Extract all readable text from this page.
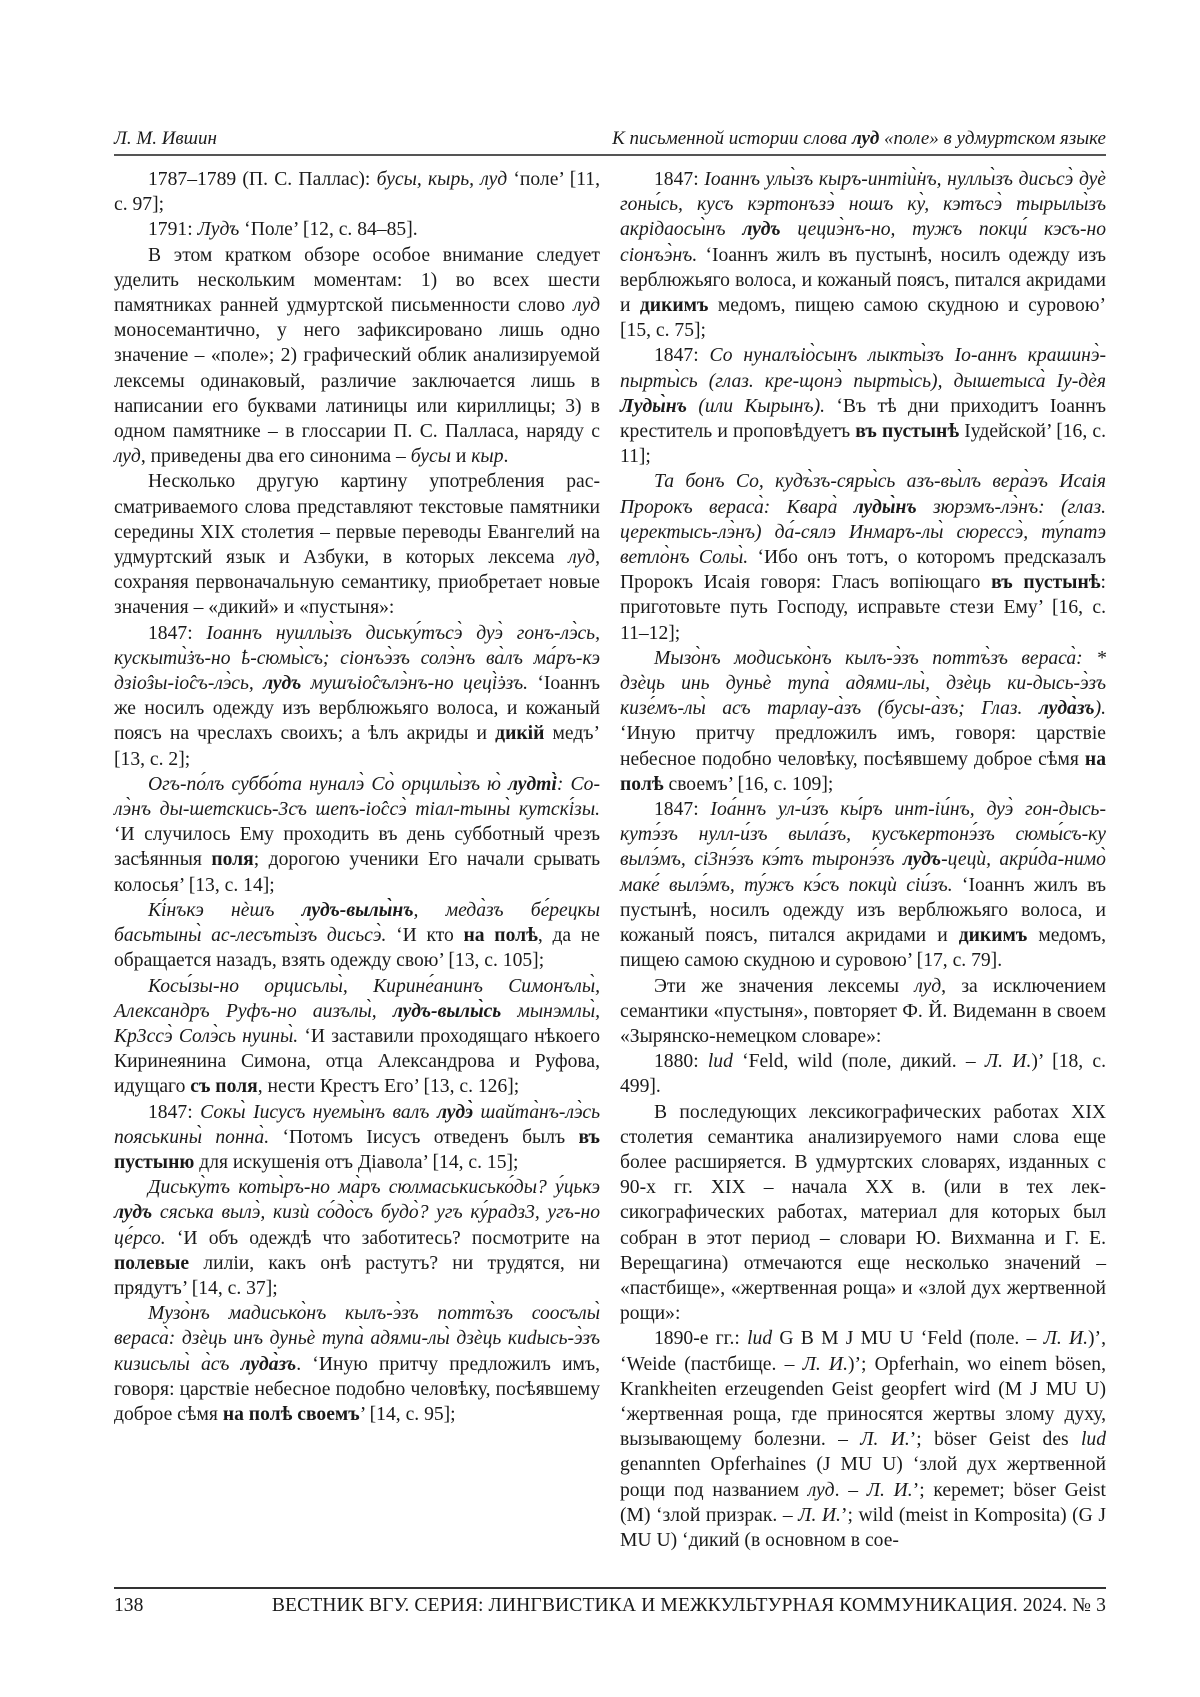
Л. М. Ившин	К письменной истории слова луд «поле» в удмуртском языке

1787–1789 (П. С. Паллас): бусы, кырь, луд ‘поле’ [11, с. 97];

1791: Лудъ ‘Поле’ [12, с. 84–85].

В этом кратком обзоре особое внимание следует уделить нескольким моментам: 1) во всех шести памятниках ранней удмуртской письменности слово луд моносемантично, у него зафиксировано лишь одно значение – «поле»; 2) графический облик анализируемой лексемы одинаковый, различие заключается лишь в написании его буквами латиницы или кириллицы; 3) в одном памятнике – в глоссарии П. С. Палласа, наряду с луд, приведены два его синонима – бусы и кыр.

Несколько другую картину употребления рассматриваемого слова представляют текстовые памятники середины XIX столетия – первые переводы Евангелий на удмуртский язык и Азбуки, в которых лексема луд, сохраняя первоначальную семантику, приобретает новые значения – «дикий» и «пустыня»:

1847: Іоаннъ нуиллы̀зъ диську́тъсэ̀ дуэ̀ гонъ-лэ̀сь, кускыти̇̀зъ-но ҍ-сюмы̀съ; сіонъэ̀зъ солэ̀нъ ва̀лъ ма́ръ-кэ дзіо̂зы-іо̂съ-лэ̀сь, лудъ мушъіо̂сълэ̀нъ-но цеці̇̀эзъ. ‘Іоаннъ же носилъ одежду изъ верблюжьяго волоса, и кожаный поясъ на чреслахъ своихъ; а ѣлъ акриды и дикій медъ’ [13, с. 2];

Огъ-по́лъ суббо́та нуналэ̀ Со̀ орцилы̀зъ ю̀ лудті̀: Со-лэ̀нъ ды-шетскись-3съ шепъ-іо̂ссэ̀ тіал-тыны̀ кутскі́зы. ‘И случилось Ему проходить въ день субботный чрезъ засѣянныя поля; дорогою ученики Его начали срывать колосья’ [13, с. 14];

Кі́нъкэ нѐшъ лудъ-вылы̀нъ, меда̀зъ бе́рецкы басьтыны̀ ас-лесъты̀зъ дисьсэ̀. ‘И кто на полѣ, да не обращается назадъ, взять одежду свою’ [13, с. 105];

Косы́зы-но орцисьлы̀, Кирине́анинъ Симонълы̀, Александръ Руфъ-но аизълы̀, лудъ-вылы̀сь мынэмлы̀, Кр3ссэ̀ Солэ̀сь нуины̀. ‘И заставили проходящаго нѣкоего Киринеянина Симона, отца Александрова и Руфова, идущаго съ поля, нести Крестъ Его’ [13, с. 126];

1847: Сокы̀ Іисусъ нуемы̀нъ валъ лудэ̀ шайта̀нъ-лэ̀сь пояськины̀ понна̀. ‘Потомъ Іисусъ отведенъ былъ въ пустыню для искушенія отъ Діавола’ [14, с. 15];

Диську̀тъ коты̀ръ-но ма̀ръ сюлмаськисько́ды? у́цькэ лудъ сяська вылэ̀, кизѝ со́до̀съ будо̀? угъ ку́радз3, угъ-но це́рсо. ‘И объ одеждѣ что заботитесь? посмотрите на полевые лиліи, какъ онѣ растутъ? ни трудятся, ни прядутъ’ [14, с. 37];

Музо̀нъ мадисько̀нъ кылъ-э̀зъ поттъ̀зъ соосълы̀ вераса̀: дзѐць инъ дуньѐ тупа̀ адями-лы̀ дзѐць киdысь-э̀зъ кизисьлы̀ а̀съ луда̀зъ. ‘Иную притчу предложилъ имъ, говоря: царствіе небесное подобно человѣку, посѣявшему доброе сѣмя на полѣ своемъ’ [14, с. 95];

1847: Іоаннъ улы̀зъ кыръ-интіи̇̀нъ, нуллы̀зъ дисьсэ̀ дуѐ гоны́сь, кусъ кэртонъзэ̀ ношъ ку̀, кэтъсэ̀ тырылы̀зъ акрідаосы̀нъ лудъ цециэ̀нъ-но, тужъ покци́ кэсъ-но сіонъэ̀нъ. ‘Іоаннъ жилъ въ пустынѣ, носилъ одежду изъ верблюжьяго волоса, и кожаный поясъ, питался акридами и дикимъ медомъ, пищею самою скудною и суровою’ [15, с. 75];

1847: Со нуналъіо̀сынъ лыкты̀зъ Іо-аннъ крашинэ̀-пырты̀сь (глаз. кре-щонэ̀ пырты̀сь), дышетыса̀ Іу-дѐя Луды̀нъ (или Кырынъ). ‘Въ тѣ дни приходитъ Іоаннъ креститель и проповѣдуетъ въ пустынѣ Іудейской’ [16, с. 11];

Та бонъ Со, кудъ̀зъ-сяры̀сь азъ-вы̀лъ вера̀эъ Исаія Пророкъ вераса̀: Квара̀ луды̀нъ зюрэмъ-лэ̀нъ: (глаз. церектысь-лэ̀нъ) да́-сялэ Инмаръ-лы̀ сюрессэ̀, ту́патэ ветло̀нъ Солы̀. ‘Ибо онъ тотъ, о которомъ предсказалъ Пророкъ Исаія говоря: Гласъ вопіющаго въ пустынѣ: приготовьте путь Господу, исправьте стези Ему’ [16, с. 11–12];

Мызо̀нъ модисько̀нъ кылъ-э̀зъ поттъ̀зъ вераса̀: * дзѐць инь дуньѐ тупа̀ адями-лы̀, дзѐць ки-дысь-э̀зъ кизе́мъ-лы̀ асъ тарлау-а̀зъ (бусы-а̀зъ; Глаз. луда̀зъ). ‘Иную притчу предложилъ имъ, говоря: царствіе небесное подобно человѣку, посѣявшему доброе сѣмя на полѣ своемъ’ [16, с. 109];

1847: Іоа́ннъ ул-и́зъ кы́ръ инт-іи́нъ, дуэ̀ гон-дыськутэ́зъ нулл-и́зъ выла́зъ, кусъкертонэ́зъ сюмы́съ-ку вылэ́мъ, сі3нэ́зъ кэ́тъ тыронэ́зъ лудъ-цецѝ, акри́да-нимо̀ маке́ вылэ́мъ, ту́жъ кэ́съ покцѝ сіи́зъ. ‘Іоаннъ жилъ въ пустынѣ, носилъ одежду изъ верблюжьяго волоса, и кожаный поясъ, питался акридами и дикимъ медомъ, пищею самою скудною и суровою’ [17, с. 79].

Эти же значения лексемы луд, за исключением семантики «пустыня», повторяет Ф. Й. Видеманн в своем «Зырянско-немецком словаре»:

1880: lud ‘Feld, wild (поле, дикий. – Л. И.)’ [18, с. 499].

В последующих лексикографических работах XIX столетия семантика анализируемого нами слова еще более расширяется. В удмуртских словарях, изданных с 90-х гг. XIX – начала XX в. (или в тех лексикографических работах, материал для которых был собран в этот период – словари Ю. Вихманна и Г. Е. Верещагина) отмечаются еще несколько значений – «пастбище», «жертвенная роща» и «злой дух жертвенной рощи»:

1890-е гг.: lud G B M J MU U ‘Feld (поле. – Л. И.)’, ‘Weide (пастбище. – Л. И.)’; Opferhain, wo einem bösen, Krankheiten erzeugenden Geist geopfert wird (M J MU U) ‘жертвенная роща, где приносятся жертвы злому духу, вызывающему болезни. – Л. И.’; böser Geist des lud genannten Opferhaines (J MU U) ‘злой дух жертвенной рощи под названием луд. – Л. И.’; керемет; böser Geist (M) ‘злой призрак. – Л. И.’; wild (meist in Komposita) (G J MU U) ‘дикий (в основном в сое-

138	ВЕСТНИК ВГУ. СЕРИЯ: ЛИНГВИСТИКА И МЕЖКУЛЬТУРНАЯ КОММУНИКАЦИЯ. 2024. № 3
